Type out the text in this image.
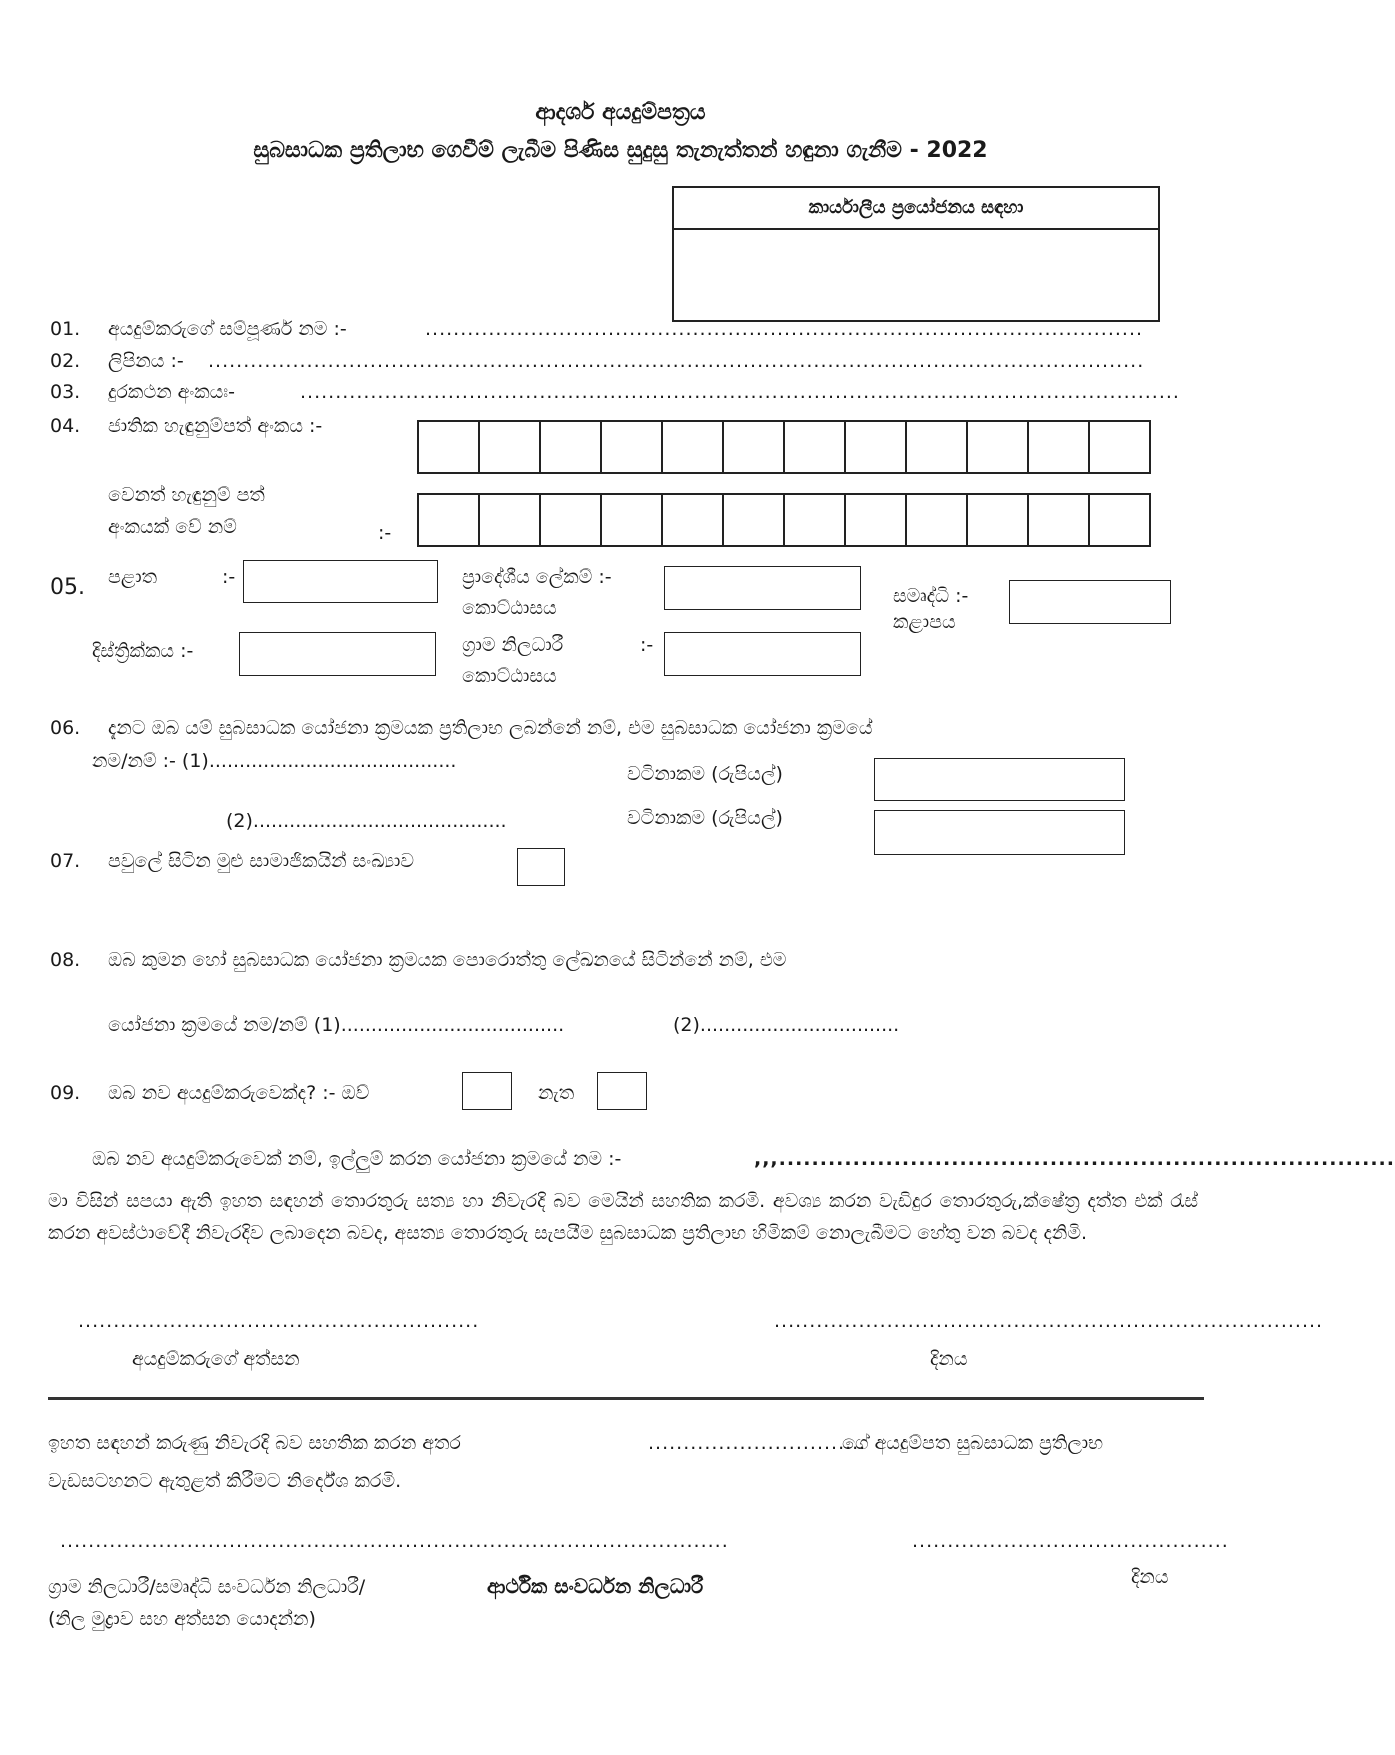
ආදර්ශ අයදුම්පත්‍රය
සුබසාධක ප්‍රතිලාභ ගෙවීම් ලැබීම පිණිස සුදුසු තැනැත්තන් හඳුනා ගැනීම - 2022
කාර්යාලීය ප්‍රයෝජනය සඳහා
01. අයදුම්කරුගේ සම්පූර්ණ නම :-	......................................................................................................
02. ලිපිනය :- .....................................................................................................................................
03. දුරකථන අංකයඃ-	.............................................................................................................................
04. ජාතික හැඳුනුම්පත් අංකය :-
වෙනත් හැඳුනුම් පත්
අංකයක් වේ නම්	:-
05. පළාත	:-
දිස්ත්‍රික්කය :-
ප්‍රාදේශීය ලේකම් :-
කොට්ඨාසය
ග්‍රාම නිලධාරී	:-
කොට්ඨාසය
සමෘද්ධි :-
කළාපය
06. දැනට ඔබ යම් සුබසාධක යෝජනා ක්‍රමයක ප්‍රතිලාභ ලබන්නේ නම්, එම සුබසාධක යෝජනා ක්‍රමයේ
නම/නම් :- (1).........................................
වටිනාකම (රුපියල්)
(2)..........................................	වටිනාකම (රුපියල්)
07. පවුලේ සිටින මුළු සාමාජිකයින් සංඛ්‍යාව
08. ඔබ කුමන හෝ සුබසාධක යෝජනා ක්‍රමයක පොරොත්තු ලේඛනයේ සිටින්නේ නම්, එම
යෝජනා ක්‍රමයේ නම/නම් (1).....................................	(2).................................
09. ඔබ නව අයදුම්කරුවෙක්ද? :- ඔව්	නැත
ඔබ නව අයදුම්කරුවෙක් නම්, ඉල්ලුම් කරන යෝජනා ක්‍රමයේ නම :-	,,,...........................................................................
මා විසින් සපයා ඇති ඉහත සඳහන් තොරතුරු සත්‍ය හා නිවැරදි බව මෙයින් සහතික කරමි. අවශ්‍ය කරන වැඩිදුර තොරතුරු,ක්ෂේත්‍ර දත්ත එක් රැස් කරන අවස්ථාවේදී නිවැරදිව ලබාදෙන බවද, අසත්‍ය තොරතුරු සැපයීම සුබසාධක ප්‍රතිලාභ හිමිකම් නොලැබීමට හේතු වන බවද දනිමි.
.........................................................
අයදුම්කරුගේ අත්සන
..............................................................................
දිනය
ඉහත සඳහන් කරුණු නිවැරදි බව සහතික කරන අතර	...............................
ගේ අයදුම්පත සුබසාධක ප්‍රතිලාභ
වැඩසටහනට ඇතුළත් කිරීමට නිර්දේශ කරමි.
...............................................................................................	.............................................
ග්‍රාම නිලධාරී/සමෘද්ධි සංවර්ධන නිලධාරී/	ආර්ථික සංවර්ධන නිලධාරී	දිනය
(නිල මුද්‍රාව සහ අත්සන යොදන්න)
